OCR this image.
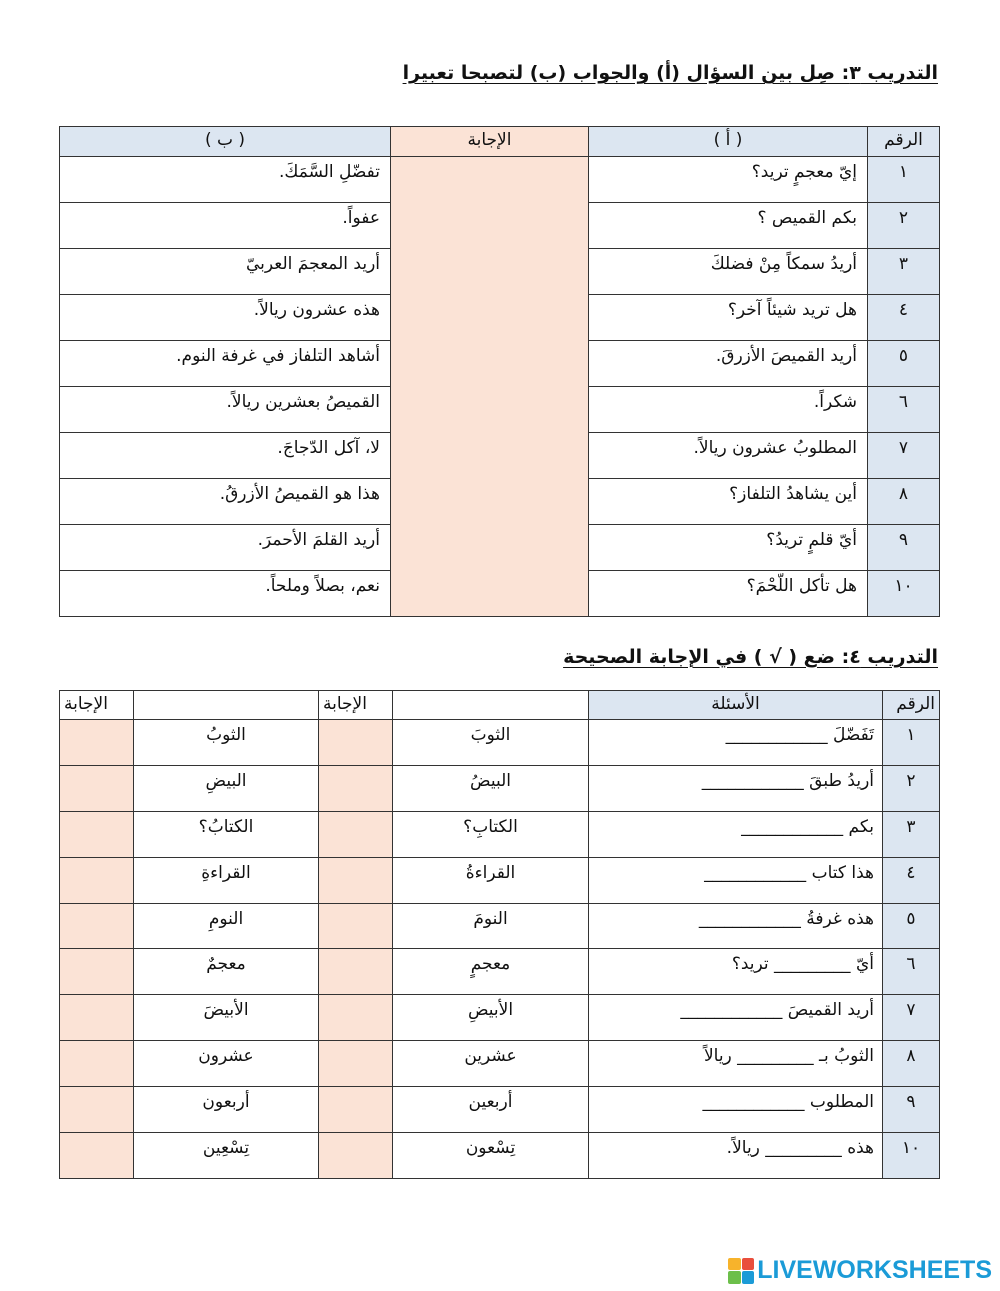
التدريب ٣: صِل بين السؤال (أ) والجواب (ب) لتصبحا تعبيرا
الرقم	( أ )	الإجابة	( ب )
١	إيّ معجمٍ تريد؟		تفضّلِ السَّمَكَ.
٢	بكم القميص ؟		عفواً.
٣	أريدُ سمكاً مِنْ فضلكَ		أريد المعجمَ العربيّ
٤	هل تريد شيئاً آخر؟		هذه عشرون ريالاً.
٥	أريد القميصَ الأزرقَ.		أشاهد التلفاز في غرفة النوم.
٦	شكراً.		القميصُ بعشرين ريالاً.
٧	المطلوبُ عشرون ريالاً.		لا، آكل الدّجاجَ.
٨	أين يشاهدُ التلفاز؟		هذا هو القميصُ الأزرقُ.
٩	أيّ قلمٍ تريدُ؟		أريد القلمَ الأحمرَ.
١٠	هل تأكل اللّحْمَ؟		نعم، بصلاً وملحاً.
التدريب ٤: ضع ( √ ) في الإجابة الصحيحة
الرقم	الأسئلة		الإجابة		الإجابة
١	تَفَضّلَ ____________	الثوبَ		الثوبُ	
٢	أريدُ طبقَ ____________	البيضُ		البيضِ	
٣	بكم ____________	الكتابِ؟		الكتابُ؟	
٤	هذا كتاب ____________	القراءةُ		القراءةِ	
٥	هذه غرفةُ ____________	النومَ		النومِ	
٦	أيّ _________ تريد؟	معجمٍ		معجمٌ	
٧	أريد القميصَ ____________	الأبيضِ		الأبيضَ	
٨	الثوبُ بـ _________ ريالاً	عشرين		عشرون	
٩	المطلوب ____________	أربعين		أربعون	
١٠	هذه _________ ريالاً.	تِسْعون		تِسْعِين	
LIVEWORKSHEETS
